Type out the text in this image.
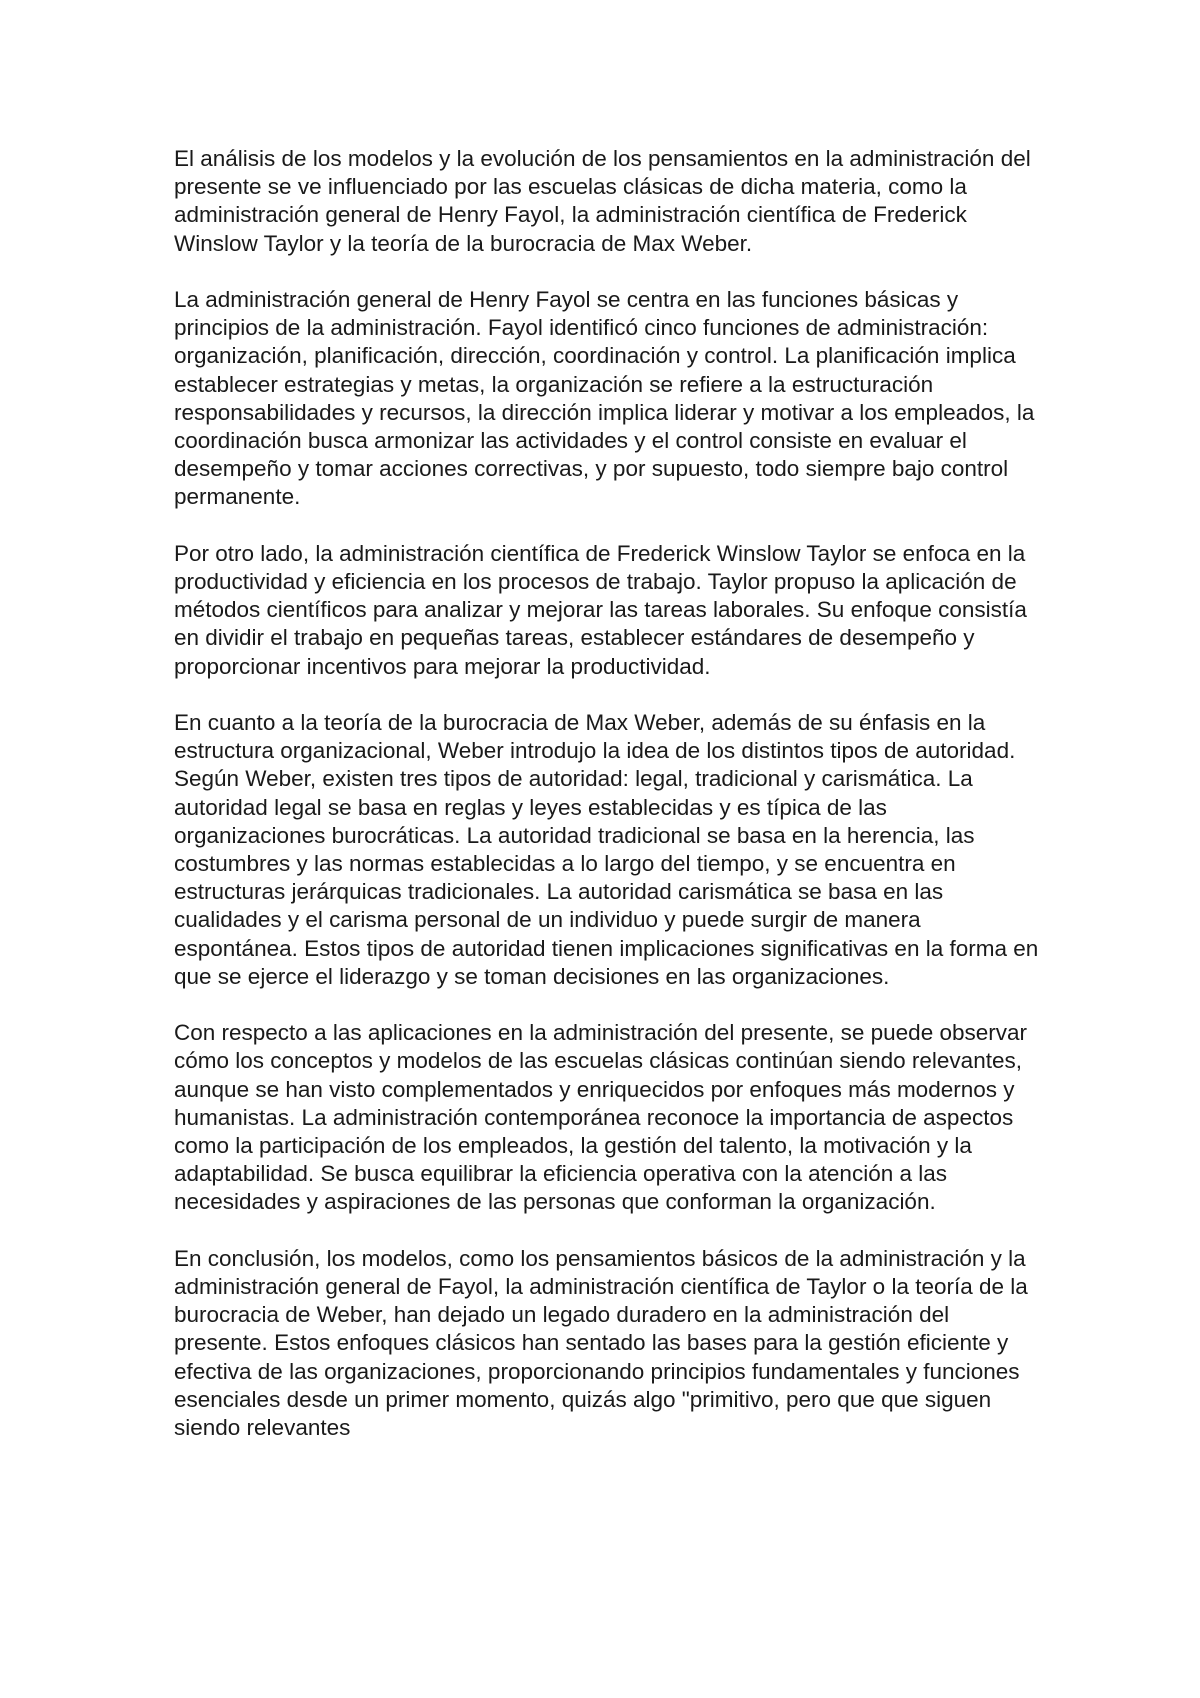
El análisis de los modelos y la evolución de los pensamientos en la administración del presente se ve influenciado por las escuelas clásicas de dicha materia, como la administración general de Henry Fayol, la administración científica de Frederick Winslow Taylor y la teoría de la burocracia de Max Weber.

La administración general de Henry Fayol se centra en las funciones básicas y principios de la administración. Fayol identificó cinco funciones de administración: organización, planificación, dirección, coordinación y control. La planificación implica establecer estrategias y metas, la organización se refiere a la estructuración responsabilidades y recursos, la dirección implica liderar y motivar a los empleados, la coordinación busca armonizar las actividades y el control consiste en evaluar el desempeño y tomar acciones correctivas, y por supuesto, todo siempre bajo control permanente.

Por otro lado, la administración científica de Frederick Winslow Taylor se enfoca en la productividad y eficiencia en los procesos de trabajo. Taylor propuso la aplicación de métodos científicos para analizar y mejorar las tareas laborales. Su enfoque consistía en dividir el trabajo en pequeñas tareas, establecer estándares de desempeño y proporcionar incentivos para mejorar la productividad.

En cuanto a la teoría de la burocracia de Max Weber, además de su énfasis en la estructura organizacional, Weber introdujo la idea de los distintos tipos de autoridad. Según Weber, existen tres tipos de autoridad: legal, tradicional y carismática. La autoridad legal se basa en reglas y leyes establecidas y es típica de las organizaciones burocráticas. La autoridad tradicional se basa en la herencia, las costumbres y las normas establecidas a lo largo del tiempo, y se encuentra en estructuras jerárquicas tradicionales. La autoridad carismática se basa en las cualidades y el carisma personal de un individuo y puede surgir de manera espontánea. Estos tipos de autoridad tienen implicaciones significativas en la forma en que se ejerce el liderazgo y se toman decisiones en las organizaciones.

Con respecto a las aplicaciones en la administración del presente, se puede observar cómo los conceptos y modelos de las escuelas clásicas continúan siendo relevantes, aunque se han visto complementados y enriquecidos por enfoques más modernos y humanistas. La administración contemporánea reconoce la importancia de aspectos como la participación de los empleados, la gestión del talento, la motivación y la adaptabilidad. Se busca equilibrar la eficiencia operativa con la atención a las necesidades y aspiraciones de las personas que conforman la organización.

En conclusión, los modelos, como los pensamientos básicos de la administración y la administración general de Fayol, la administración científica de Taylor o la teoría de la burocracia de Weber, han dejado un legado duradero en la administración del presente. Estos enfoques clásicos han sentado las bases para la gestión eficiente y efectiva de las organizaciones, proporcionando principios fundamentales y funciones esenciales desde un primer momento, quizás algo "primitivo, pero que que siguen siendo relevantes
